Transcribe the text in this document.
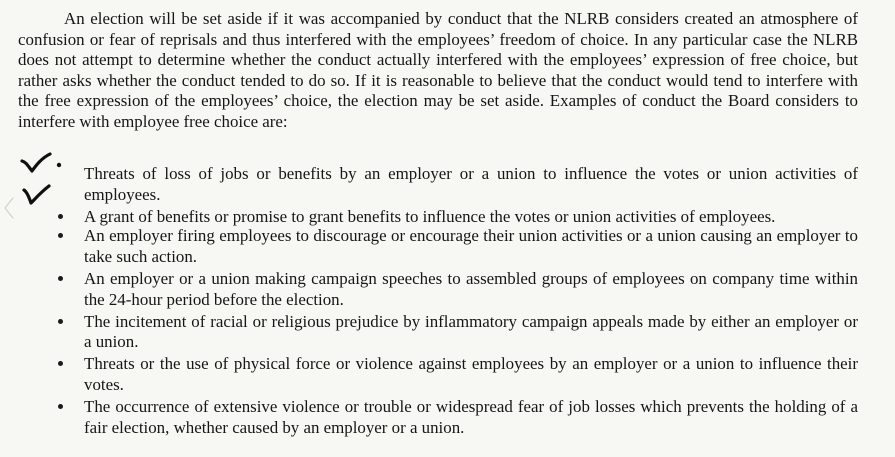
An election will be set aside if it was accompanied by conduct that the NLRB considers created an atmosphere of confusion or fear of reprisals and thus interfered with the employees’ freedom of choice. In any particular case the NLRB does not attempt to determine whether the conduct actually interfered with the employees’ expression of free choice, but rather asks whether the conduct tended to do so. If it is reasonable to believe that the conduct would tend to interfere with the free expression of the employees’ choice, the election may be set aside. Examples of conduct the Board considers to interfere with employee free choice are:

Threats of loss of jobs or benefits by an employer or a union to influence the votes or union activities of employees.
A grant of benefits or promise to grant benefits to influence the votes or union activities of employees.
An employer firing employees to discourage or encourage their union activities or a union causing an employer to take such action.
An employer or a union making campaign speeches to assembled groups of employees on company time within the 24-hour period before the election.
The incitement of racial or religious prejudice by inflammatory campaign appeals made by either an employer or a union.
Threats or the use of physical force or violence against employees by an employer or a union to influence their votes.
The occurrence of extensive violence or trouble or widespread fear of job losses which prevents the holding of a fair election, whether caused by an employer or a union.
